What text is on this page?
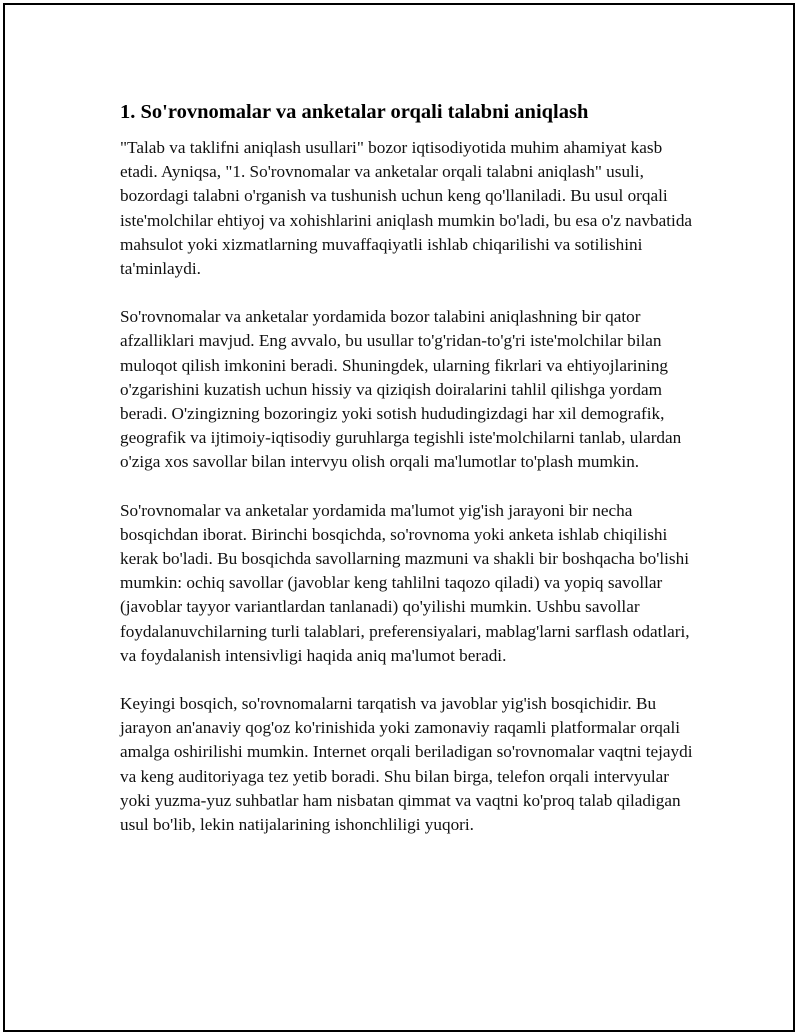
1. So'rovnomalar va anketalar orqali talabni aniqlash

"Talab va taklifni aniqlash usullari" bozor iqtisodiyotida muhim ahamiyat kasb etadi. Ayniqsa, "1. So'rovnomalar va anketalar orqali talabni aniqlash" usuli, bozordagi talabni o'rganish va tushunish uchun keng qo'llaniladi. Bu usul orqali iste'molchilar ehtiyoj va xohishlarini aniqlash mumkin bo'ladi, bu esa o'z navbatida mahsulot yoki xizmatlarning muvaffaqiyatli ishlab chiqarilishi va sotilishini ta'minlaydi.

So'rovnomalar va anketalar yordamida bozor talabini aniqlashning bir qator afzalliklari mavjud. Eng avvalo, bu usullar to'g'ridan-to'g'ri iste'molchilar bilan muloqot qilish imkonini beradi. Shuningdek, ularning fikrlari va ehtiyojlarining o'zgarishini kuzatish uchun hissiy va qiziqish doiralarini tahlil qilishga yordam beradi. O'zingizning bozoringiz yoki sotish hududingizdagi har xil demografik, geografik va ijtimoiy-iqtisodiy guruhlarga tegishli iste'molchilarni tanlab, ulardan o'ziga xos savollar bilan intervyu olish orqali ma'lumotlar to'plash mumkin.

So'rovnomalar va anketalar yordamida ma'lumot yig'ish jarayoni bir necha bosqichdan iborat. Birinchi bosqichda, so'rovnoma yoki anketa ishlab chiqilishi kerak bo'ladi. Bu bosqichda savollarning mazmuni va shakli bir boshqacha bo'lishi mumkin: ochiq savollar (javoblar keng tahlilni taqozo qiladi) va yopiq savollar (javoblar tayyor variantlardan tanlanadi) qo'yilishi mumkin. Ushbu savollar foydalanuvchilarning turli talablari, preferensiyalari, mablag'larni sarflash odatlari, va foydalanish intensivligi haqida aniq ma'lumot beradi.

Keyingi bosqich, so'rovnomalarni tarqatish va javoblar yig'ish bosqichidir. Bu jarayon an'anaviy qog'oz ko'rinishida yoki zamonaviy raqamli platformalar orqali amalga oshirilishi mumkin. Internet orqali beriladigan so'rovnomalar vaqtni tejaydi va keng auditoriyaga tez yetib boradi. Shu bilan birga, telefon orqali intervyular yoki yuzma-yuz suhbatlar ham nisbatan qimmat va vaqtni ko'proq talab qiladigan usul bo'lib, lekin natijalarining ishonchliligi yuqori.
